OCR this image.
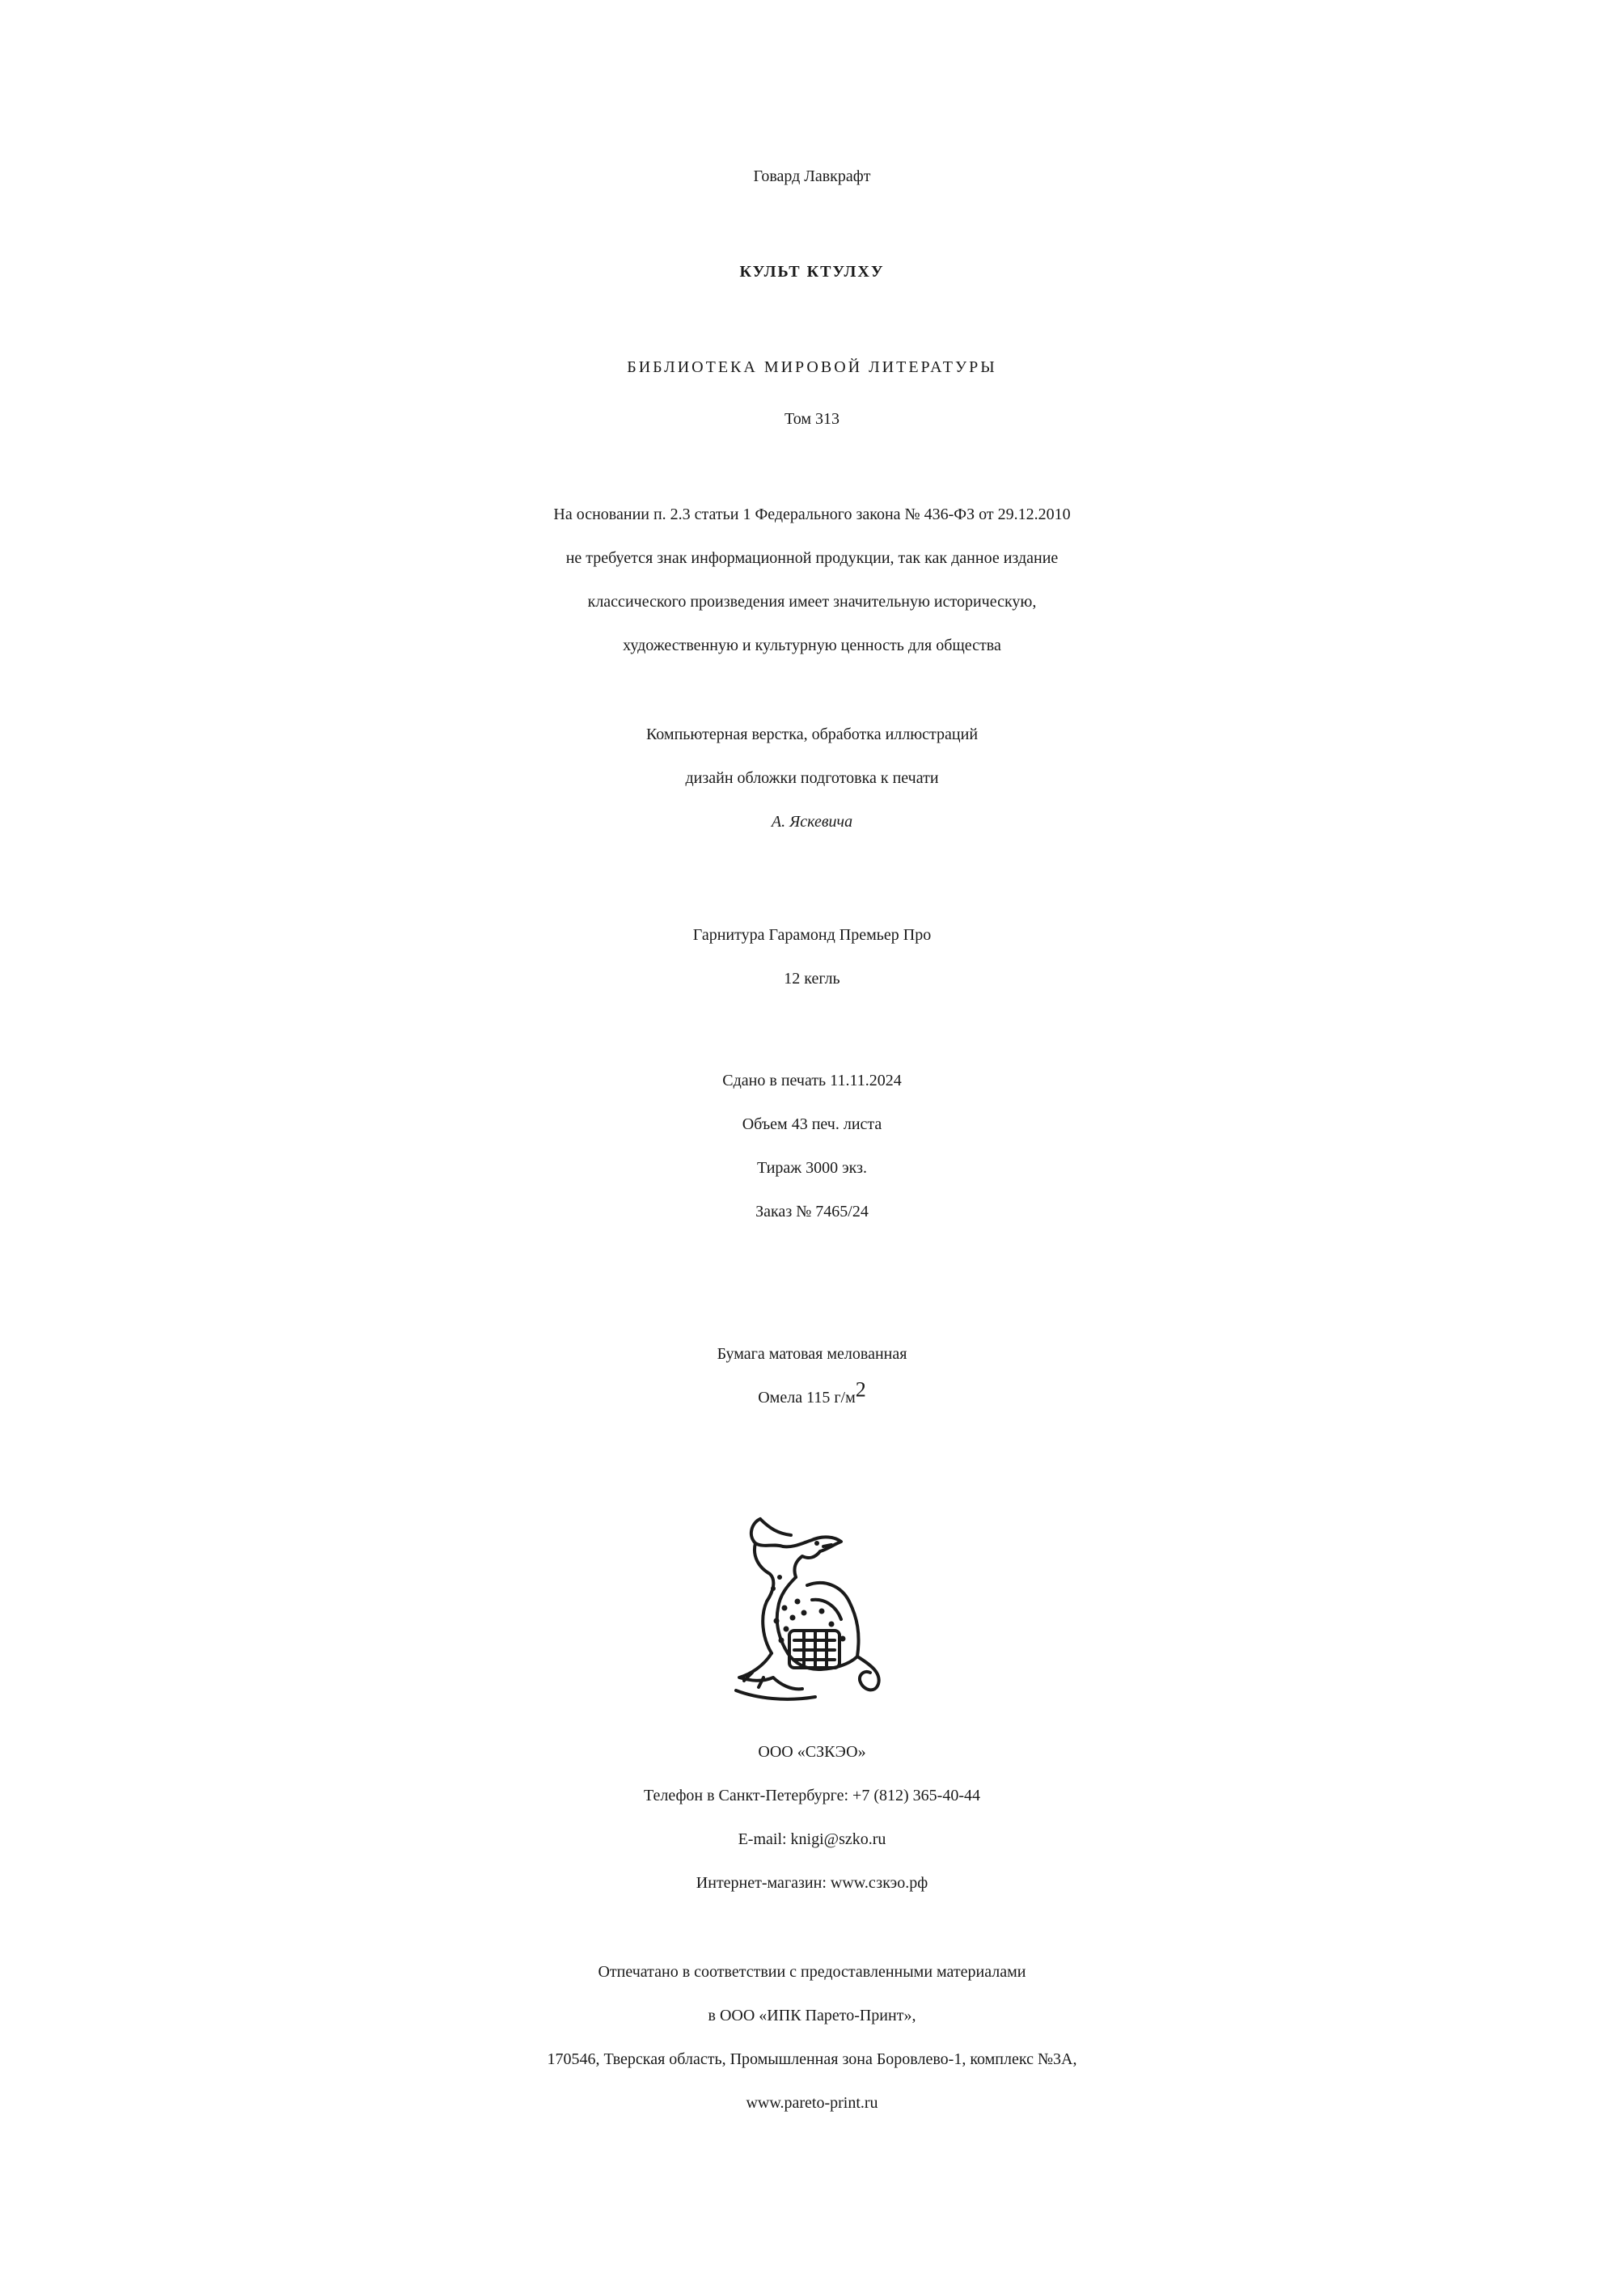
Говард Лавкрафт
КУЛЬТ КТУЛХУ
БИБЛИОТЕКА МИРОВОЙ ЛИТЕРАТУРЫ
Том 313
На основании п. 2.3 статьи 1 Федерального закона № 436-ФЗ от 29.12.2010
не требуется знак информационной продукции, так как данное издание
классического произведения имеет значительную историческую,
художественную и культурную ценность для общества
Компьютерная верстка, обработка иллюстраций
дизайн обложки подготовка к печати
А. Яскевича
Гарнитура Гарамонд Премьер Про
12 кегль
Сдано в печать 11.11.2024
Объем 43 печ. листа
Тираж 3000 экз.
Заказ № 7465/24
Бумага матовая мелованная
Омела 115 $г/м^2$
ООО «СЗКЭО»
Телефон в Санкт-Петербурге: +7 (812) 365-40-44
E-mail: knigi@szko.ru
Интернет-магазин: www.сзкэо.рф
Отпечатано в соответствии с предоставленными материалами
в ООО «ИПК Парето-Принт»,
170546, Тверская область, Промышленная зона Боровлево-1, комплекс №3А,
www.pareto-print.ru
